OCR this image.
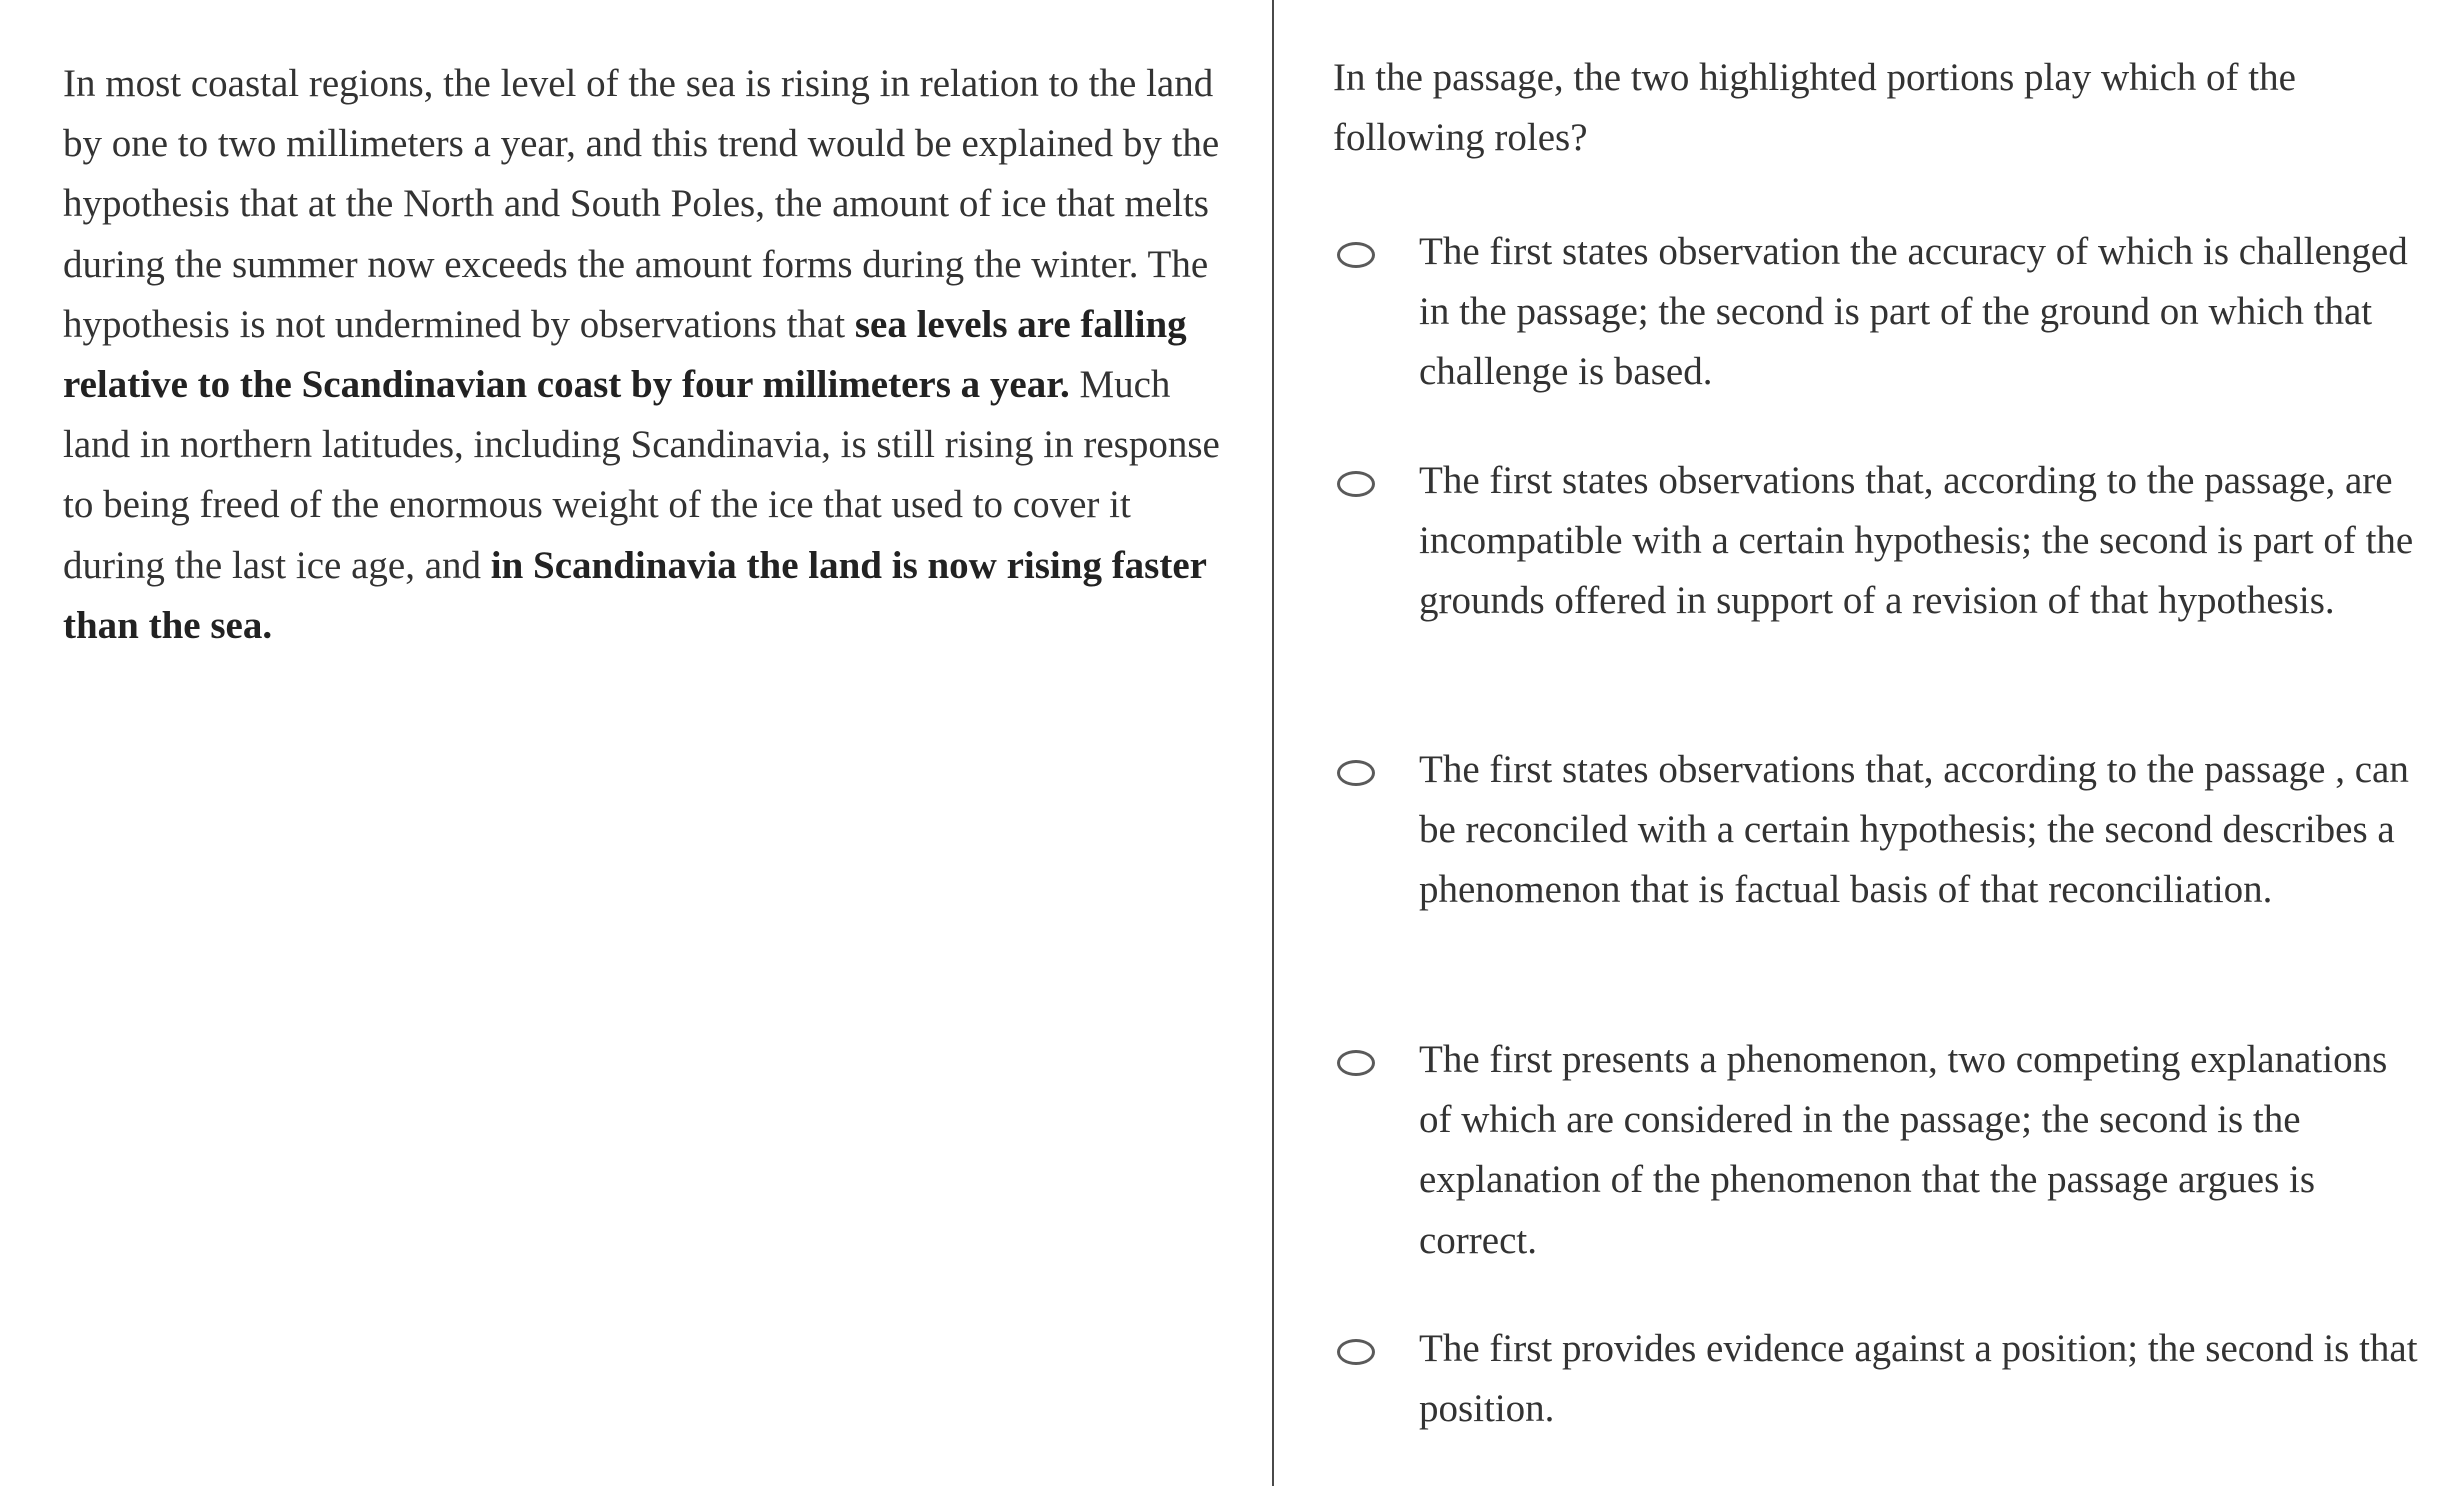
In most coastal regions, the level of the sea is rising in relation to the land by one to two millimeters a year, and this trend would be explained by the hypothesis that at the North and South Poles, the amount of ice that melts during the summer now exceeds the amount forms during the winter. The hypothesis is not undermined by observations that sea levels are falling relative to the Scandinavian coast by four millimeters a year. Much land in northern latitudes, including Scandinavia, is still rising in response to being freed of the enormous weight of the ice that used to cover it during the last ice age, and in Scandinavia the land is now rising faster than the sea.

In the passage, the two highlighted portions play which of the following roles?

The first states observation the accuracy of which is challenged in the passage; the second is part of the ground on which that challenge is based.
The first states observations that, according to the passage, are incompatible with a certain hypothesis; the second is part of the grounds offered in support of a revision of that hypothesis.
The first states observations that, according to the passage , can be reconciled with a certain hypothesis; the second describes a phenomenon that is factual basis of that reconciliation.
The first presents a phenomenon, two competing explanations of which are considered in the passage; the second is the explanation of the phenomenon that the passage argues is correct.
The first provides evidence against a position; the second is that position.
